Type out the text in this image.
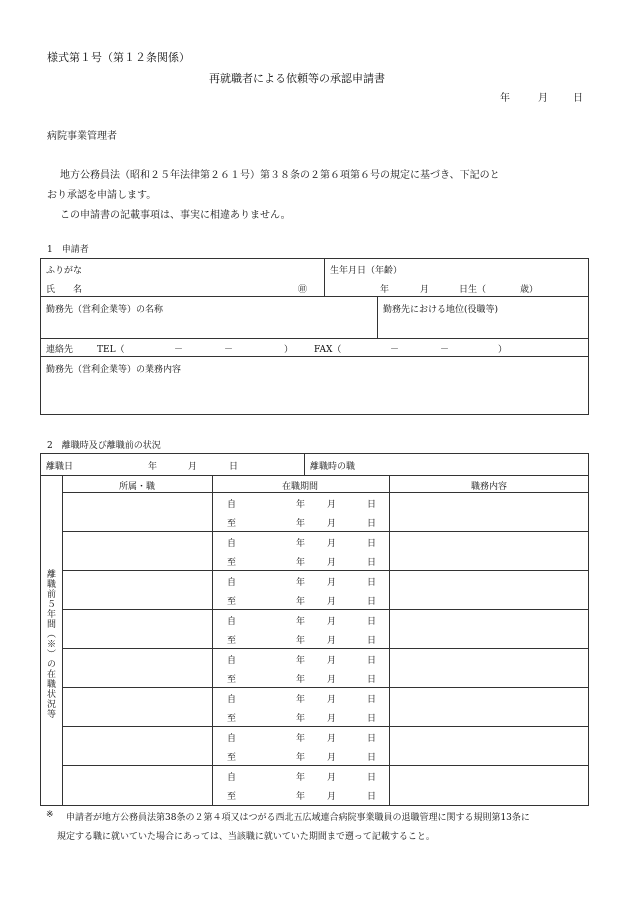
様式第１号（第１２条関係）
再就職者による依頼等の承認申請書
年	月	日
病院事業管理者
地方公務員法（昭和２５年法律第２６１号）第３８条の２第６項第６号の規定に基づき、下記のと
おり承認を申請します。
この申請書の記載事項は、事実に相違ありません。
1　申請者
ふりがな
氏　　名	㊞
生年月日（年齢）
年	月	日生（	歳）
勤務先（営利企業等）の名称	勤務先における地位(役職等)
連絡先	TEL（	－	－	） FAX（	－	－	）
勤務先（営利企業等）の業務内容
2　離職時及び離職前の状況
離職日	年	月	日	離職時の職
離職前５年間（※）の在職状況等
所属・職	在職期間	職務内容
自	年 月	日
至	年 月	日
自	年 月	日
至	年 月	日
自	年 月	日
至	年 月	日
自	年 月	日
至	年 月	日
自	年 月	日
至	年 月	日
自	年 月	日
至	年 月	日
自	年 月	日
至	年 月	日
自	年 月	日
至	年 月	日
※ 申請者が地方公務員法第38条の２第４項又はつがる西北五広域連合病院事業職員の退職管理に関する規則第13条に
規定する職に就いていた場合にあっては、当該職に就いていた期間まで遡って記載すること。
